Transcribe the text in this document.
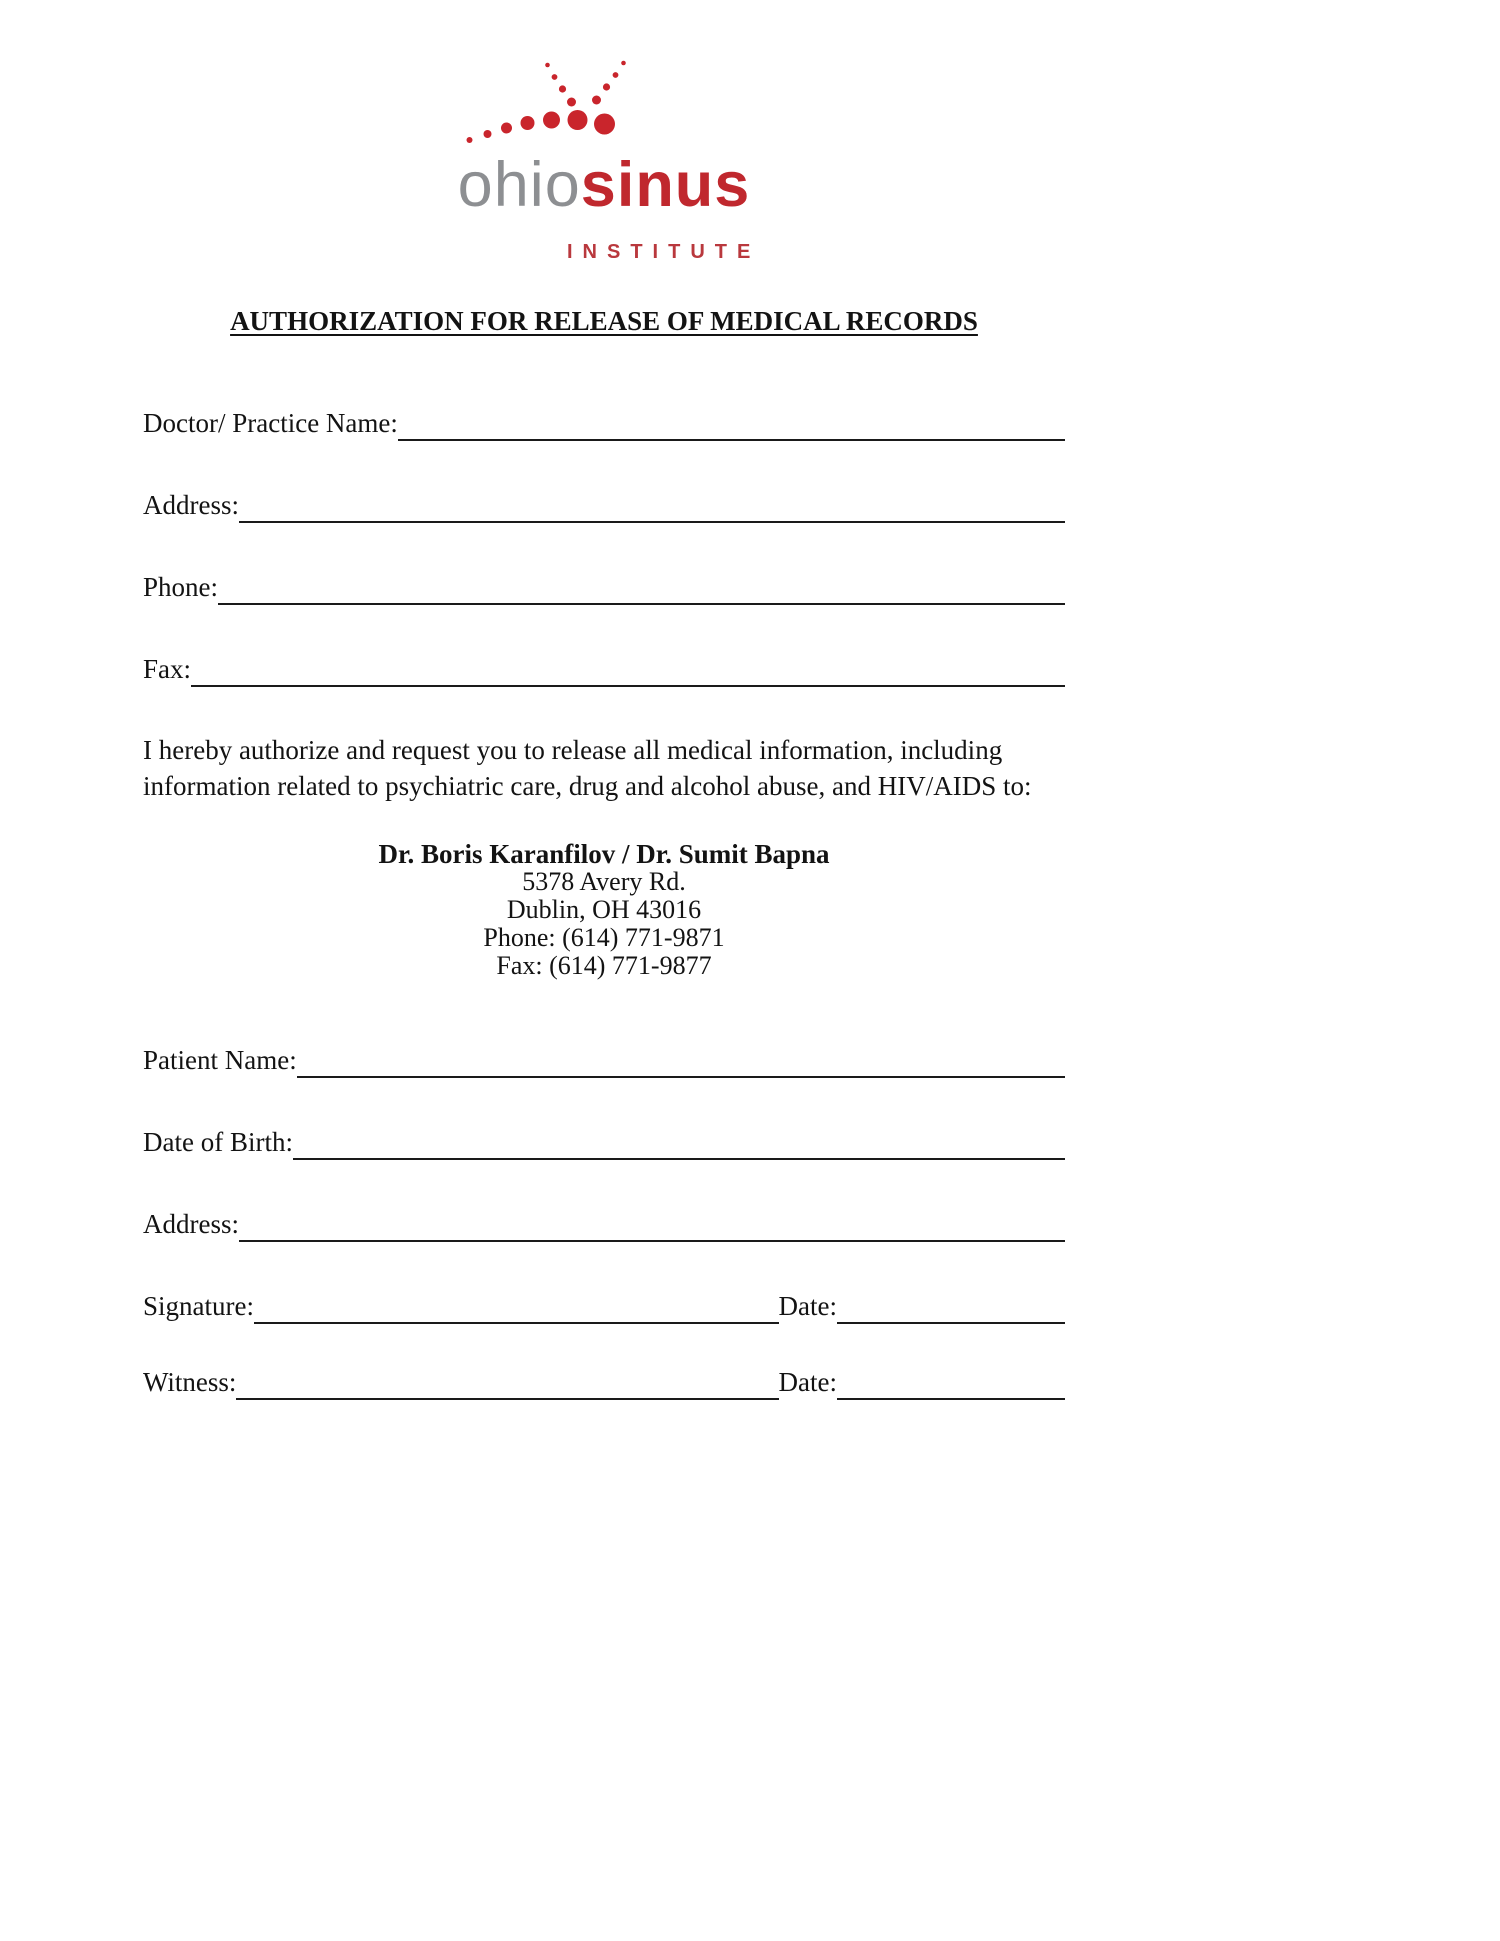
ohiosinus
INSTITUTE
AUTHORIZATION FOR RELEASE OF MEDICAL RECORDS
Doctor/ Practice Name:
Address:
Phone:
Fax:

I hereby authorize and request you to release all medical information, including information related to psychiatric care, drug and alcohol abuse, and HIV/AIDS to:

Dr. Boris Karanfilov / Dr. Sumit Bapna
5378 Avery Rd.
Dublin, OH 43016
Phone: (614) 771-9871
Fax: (614) 771-9877
Patient Name:
Date of Birth:
Address:
Signature:	Date:
Witness:	Date:
